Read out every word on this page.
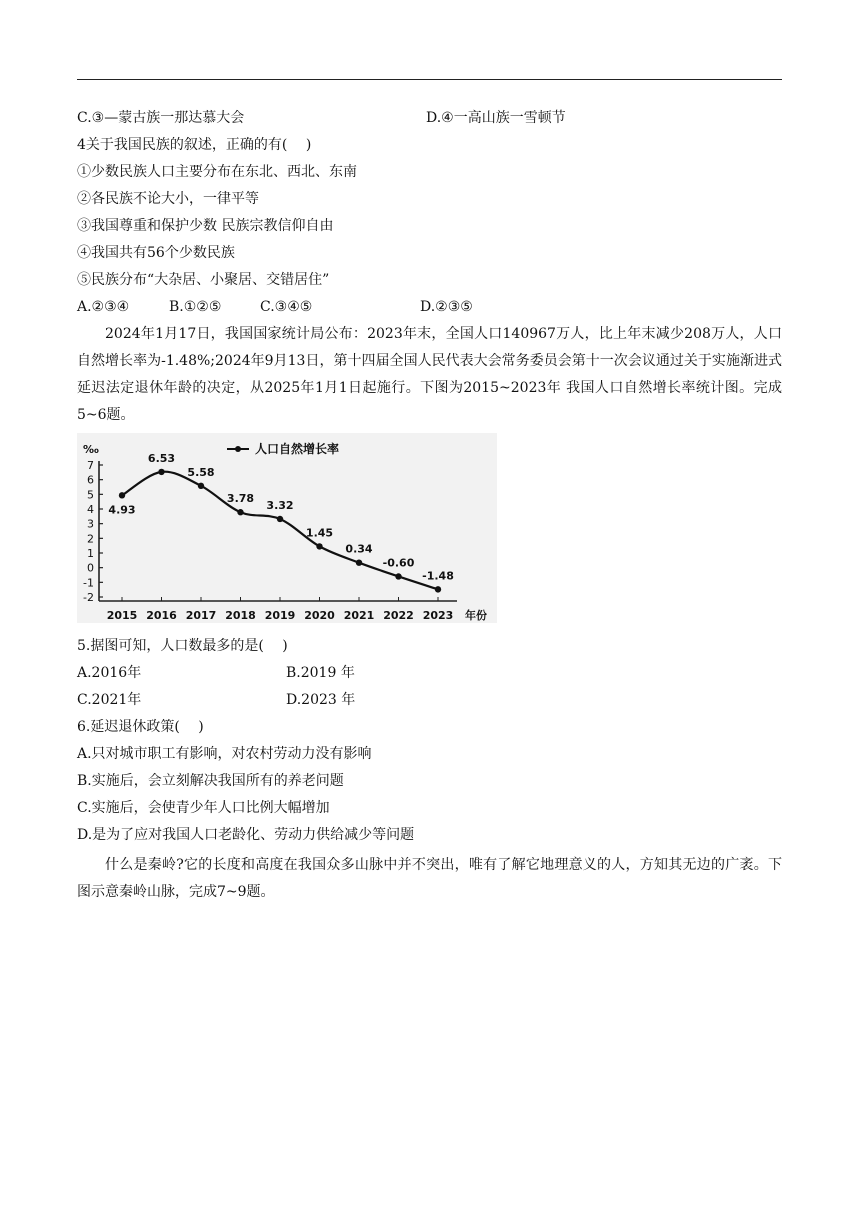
C.③—蒙古族一那达慕大会	D.④一高山族一雪顿节
4关于我国民族的叙述，正确的有(　 )
①少数民族人口主要分布在东北、西北、东南
②各民族不论大小，一律平等
③我国尊重和保护少数 民族宗教信仰自由
④我国共有56个少数民族
⑤民族分布“大杂居、小聚居、交错居住”
A.②③④	B.①②⑤	C.③④⑤	D.②③⑤
2024年1月17日，我国国家统计局公布：2023年末，全国人口140967万人，比上年末减少208万人，人口自然增长率为-1.48%;2024年9月13日，第十四届全国人民代表大会常务委员会第十一次会议通过关于实施渐进式延迟法定退休年龄的决定，从2025年1月1日起施行。下图为2015~2023年 我国人口自然增长率统计图。完成5~6题。
7
6
5
4
3
2
1
0
-1
-2
‰
2015 2016 2017 2018 2019 2020 2021 2022 2023 年份
人口自然增长率
4.93
6.53
5.58
3.78
3.32
1.45
0.34
-0.60
-1.48
5.据图可知，人口数最多的是(　 )
A.2016年	B.2019 年
C.2021年	D.2023 年
6.延迟退休政策(　 )
A.只对城市职工有影响，对农村劳动力没有影响
B.实施后，会立刻解决我国所有的养老问题
C.实施后，会使青少年人口比例大幅增加
D.是为了应对我国人口老龄化、劳动力供给减少等问题
什么是秦岭?它的长度和高度在我国众多山脉中并不突出，唯有了解它地理意义的人，方知其无边的广袤。下图示意秦岭山脉，完成7~9题。
